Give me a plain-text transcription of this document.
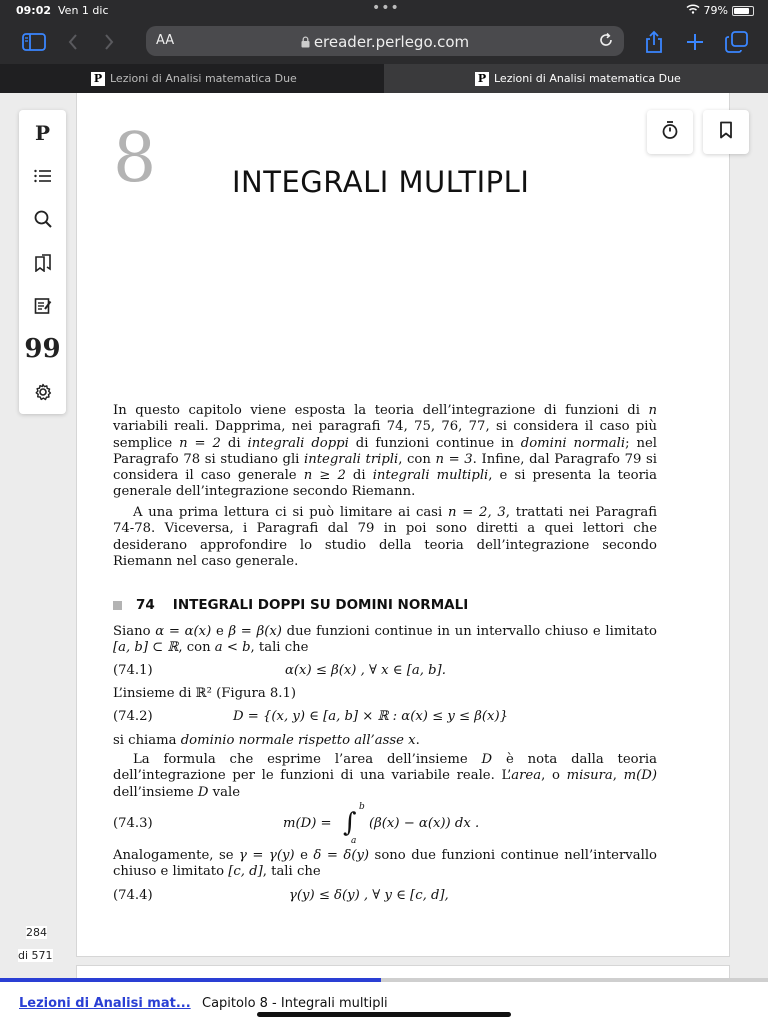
09:02 Ven 1 dic	•••	79%
AA	ereader.perlego.com
P Lezioni di Analisi matematica Due	P Lezioni di Analisi matematica Due
P
99
8	INTEGRALI MULTIPLI
In questo capitolo viene esposta la teoria dell’integrazione di funzioni di n variabili reali. Dapprima, nei paragrafi 74, 75, 76, 77, si considera il caso più semplice n = 2 di integrali doppi di funzioni continue in domini normali; nel Paragrafo 78 si studiano gli integrali tripli, con n = 3. Infine, dal Paragrafo 79 si considera il caso generale n ≥ 2 di integrali multipli, e si presenta la teoria generale dell’integrazione secondo Riemann.
A una prima lettura ci si può limitare ai casi n = 2, 3, trattati nei Paragrafi 74-78. Viceversa, i Paragrafi dal 79 in poi sono diretti a quei lettori che desiderano approfondire lo studio della teoria dell’integrazione secondo Riemann nel caso generale.
74 INTEGRALI DOPPI SU DOMINI NORMALI
Siano α = α(x) e β = β(x) due funzioni continue in un intervallo chiuso e limitato [a, b] ⊂ ℝ, con a < b, tali che
(74.1)	α(x) ≤ β(x) , ∀ x ∈ [a, b].
L’insieme di ℝ² (Figura 8.1)
(74.2)	D = {(x, y) ∈ [a, b] × ℝ : α(x) ≤ y ≤ β(x)}
si chiama dominio normale rispetto all’asse x.
La formula che esprime l’area dell’insieme D è nota dalla teoria dell’integrazione per le funzioni di una variabile reale. L’area, o misura, m(D) dell’insieme D vale
(74.3)	m(D) = ∫
b
a
(β(x) − α(x)) dx .
Analogamente, se γ = γ(y) e δ = δ(y) sono due funzioni continue nell’intervallo chiuso e limitato [c, d], tali che
(74.4)	γ(y) ≤ δ(y) , ∀ y ∈ [c, d],
284
di 571
Lezioni di Analisi mat... Capitolo 8 - Integrali multipli
